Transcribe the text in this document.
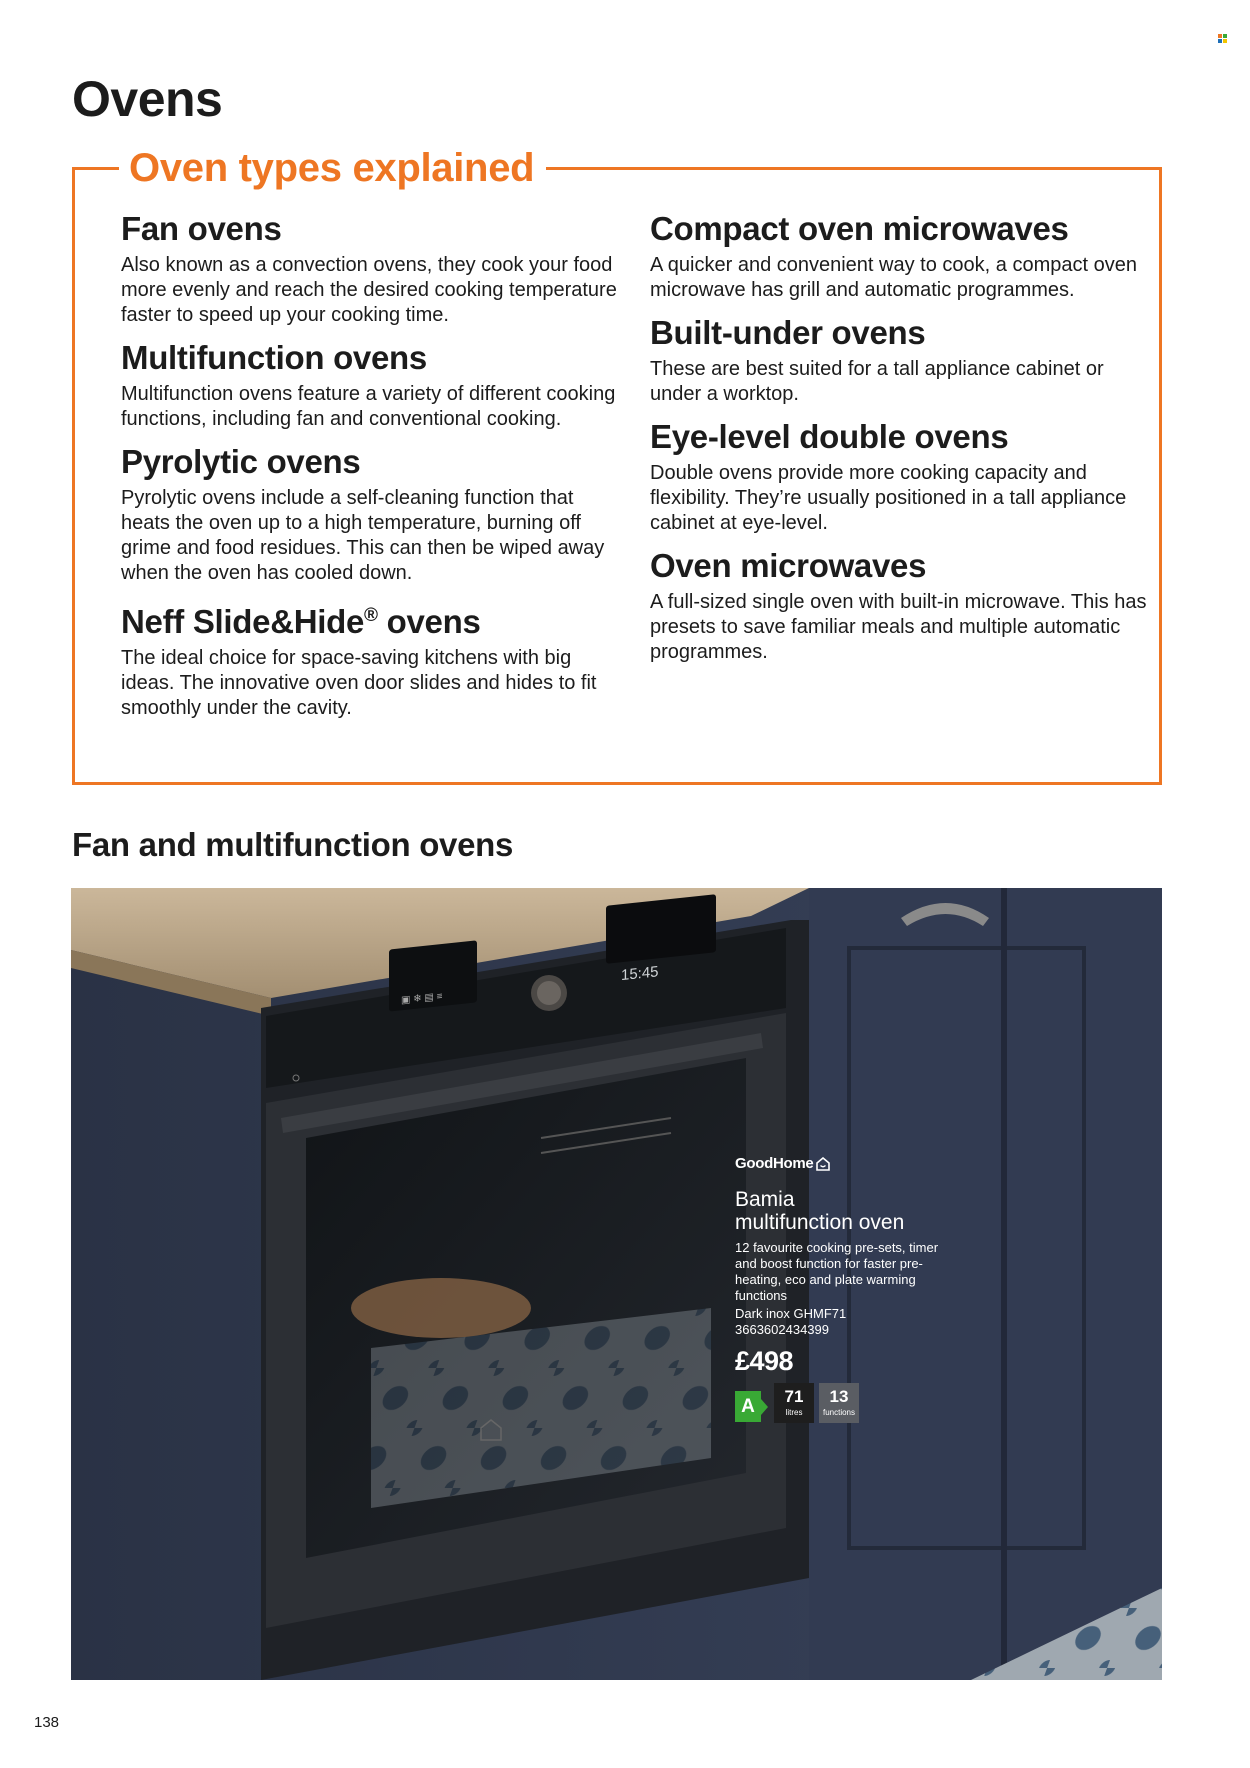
Ovens
Oven types explained
Fan ovens

Also known as a convection ovens, they cook your food more evenly and reach the desired cooking temperature faster to speed up your cooking time.

Multifunction ovens

Multifunction ovens feature a variety of different cooking functions, including fan and conventional cooking.

Pyrolytic ovens

Pyrolytic ovens include a self-cleaning function that heats the oven up to a high temperature, burning off grime and food residues. This can then be wiped away when the oven has cooled down.

Neff Slide&Hide® ovens

The ideal choice for space-saving kitchens with big ideas. The innovative oven door slides and hides to fit smoothly under the cavity.

Compact oven microwaves

A quicker and convenient way to cook, a compact oven microwave has grill and automatic programmes.

Built-under ovens

These are best suited for a tall appliance cabinet or under a worktop.

Eye-level double ovens

Double ovens provide more cooking capacity and flexibility. They’re usually positioned in a tall appliance cabinet at eye-level.

Oven microwaves

A full-sized single oven with built-in microwave. This has presets to save familiar meals and multiple automatic programmes.

Fan and multifunction ovens
▣ ❄ ▤ ≡
15:45
GoodHome
Bamia
multifunction oven
12 favourite cooking pre-sets, timer and boost function for faster pre-heating, eco and plate warming functions
Dark inox GHMF71
3663602434399
£498
A	71
litres
13
functions
138
